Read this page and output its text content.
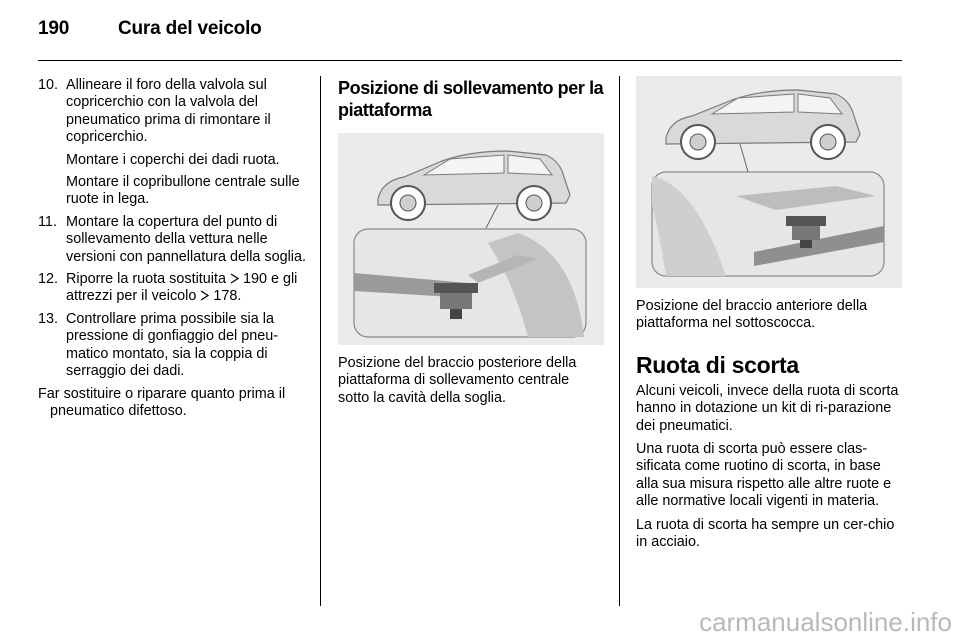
190	Cura del veicolo
10. Allineare il foro della valvola sul copricerchio con la valvola del pneumatico prima di rimontare il copricerchio.
Montare i coperchi dei dadi ruota.
Montare il copribullone centrale sulle ruote in lega.
11. Montare la copertura del punto di sollevamento della vettura nelle versioni con pannellatura della soglia.
12. Riporre la ruota sostituita  190 e gli attrezzi per il veicolo  178.
13. Controllare prima possibile sia la pressione di gonfiaggio del pneu-matico montato, sia la coppia di serraggio dei dadi.

Far sostituire o riparare quanto prima il pneumatico difettoso.

Posizione di sollevamento per la piattaforma
Posizione del braccio posteriore della piattaforma di sollevamento centrale sotto la cavità della soglia.
Posizione del braccio anteriore della piattaforma nel sottoscocca.
Ruota di scorta

Alcuni veicoli, invece della ruota di scorta hanno in dotazione un kit di ri-parazione dei pneumatici.

Una ruota di scorta può essere clas-sificata come ruotino di scorta, in base alla sua misura rispetto alle altre ruote e alle normative locali vigenti in materia.

La ruota di scorta ha sempre un cer-chio in acciaio.

carmanualsonline.info
